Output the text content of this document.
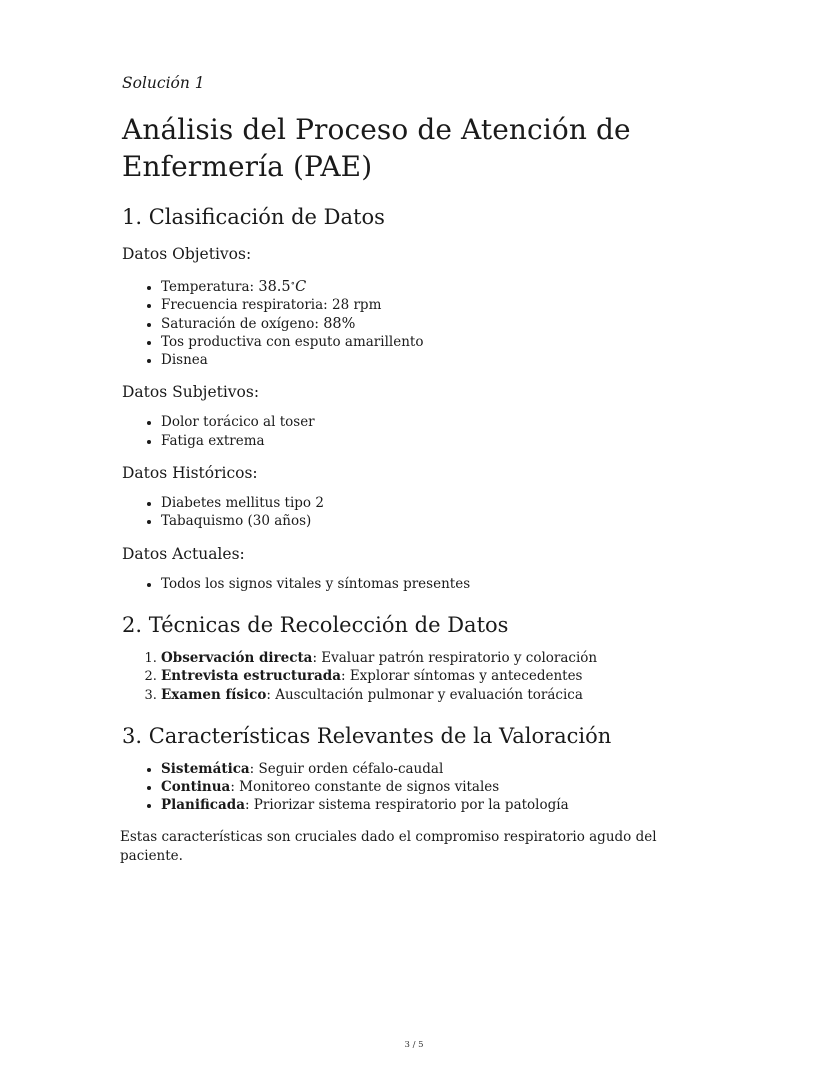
Solución 1

Análisis del Proceso de Atención de Enfermería (PAE)
1. Clasificación de Datos
Datos Objetivos:
• Temperatura: 38.5∘C
• Frecuencia respiratoria: 28 rpm
• Saturación de oxígeno: 88%
• Tos productiva con esputo amarillento
• Disnea
Datos Subjetivos:
• Dolor torácico al toser
• Fatiga extrema
Datos Históricos:
• Diabetes mellitus tipo 2
• Tabaquismo (30 años)
Datos Actuales:
• Todos los signos vitales y síntomas presentes
2. Técnicas de Recolección de Datos
1. Observación directa: Evaluar patrón respiratorio y coloración
2. Entrevista estructurada: Explorar síntomas y antecedentes
3. Examen físico: Auscultación pulmonar y evaluación torácica
3. Características Relevantes de la Valoración
• Sistemática: Seguir orden céfalo-caudal
• Continua: Monitoreo constante de signos vitales
• Planificada: Priorizar sistema respiratorio por la patología

Estas características son cruciales dado el compromiso respiratorio agudo del paciente.

3 / 5
